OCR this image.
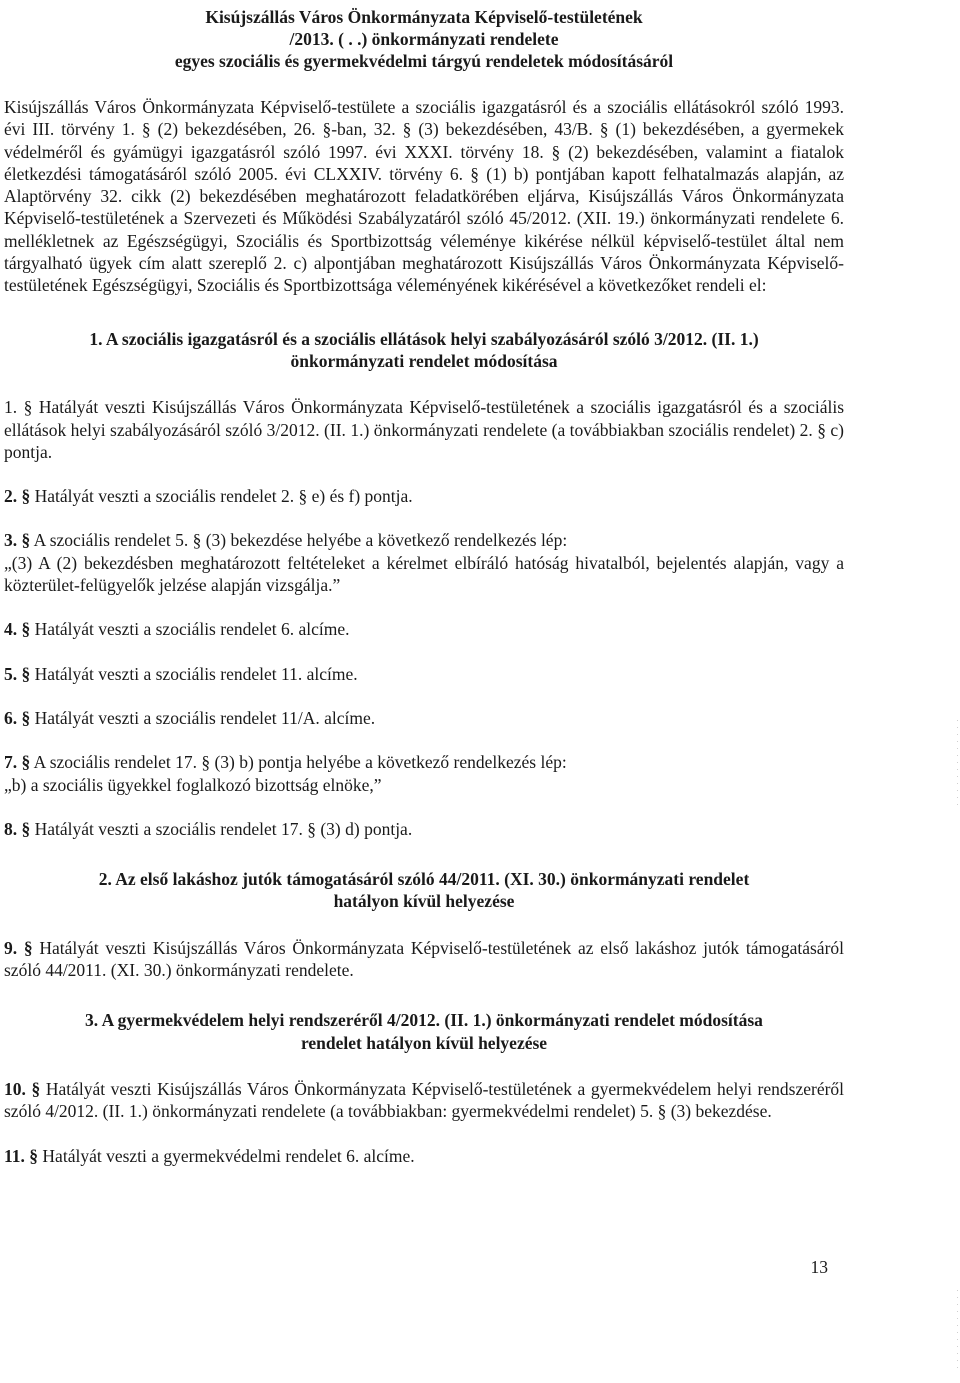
Kisújszállás Város Önkormányzata Képviselő-testületének
/2013. ( . .) önkormányzati rendelete
egyes szociális és gyermekvédelmi tárgyú rendeletek módosításáról

Kisújszállás Város Önkormányzata Képviselő-testülete a szociális igazgatásról és a szociális ellátásokról szóló 1993. évi III. törvény 1. § (2) bekezdésében, 26. §-ban, 32. § (3) bekezdésében, 43/B. § (1) bekezdésében, a gyermekek védelméről és gyámügyi igazgatásról szóló 1997. évi XXXI. törvény 18. § (2) bekezdésében, valamint a fiatalok életkezdési támogatásáról szóló 2005. évi CLXXIV. törvény 6. § (1) b) pontjában kapott felhatalmazás alapján, az Alaptörvény 32. cikk (2) bekezdésében meghatározott feladatkörében eljárva, Kisújszállás Város Önkormányzata Képviselő-testületének a Szervezeti és Működési Szabályzatáról szóló 45/2012. (XII. 19.) önkormányzati rendelete 6. mellékletnek az Egészségügyi, Szociális és Sportbizottság véleménye kikérése nélkül képviselő-testület által nem tárgyalható ügyek cím alatt szereplő 2. c) alpontjában meghatározott Kisújszállás Város Önkormányzata Képviselő-testületének Egészségügyi, Szociális és Sportbizottsága véleményének kikérésével a következőket rendeli el:

1. A szociális igazgatásról és a szociális ellátások helyi szabályozásáról szóló 3/2012. (II. 1.)
önkormányzati rendelet módosítása

1. § Hatályát veszti Kisújszállás Város Önkormányzata Képviselő-testületének a szociális igazgatásról és a szociális ellátások helyi szabályozásáról szóló 3/2012. (II. 1.) önkormányzati rendelete (a továbbiakban szociális rendelet) 2. § c) pontja.

2. § Hatályát veszti a szociális rendelet 2. § e) és f) pontja.

3. § A szociális rendelet 5. § (3) bekezdése helyébe a következő rendelkezés lép:

„(3) A (2) bekezdésben meghatározott feltételeket a kérelmet elbíráló hatóság hivatalból, bejelentés alapján, vagy a közterület-felügyelők jelzése alapján vizsgálja.”

4. § Hatályát veszti a szociális rendelet 6. alcíme.

5. § Hatályát veszti a szociális rendelet 11. alcíme.

6. § Hatályát veszti a szociális rendelet 11/A. alcíme.

7. § A szociális rendelet 17. § (3) b) pontja helyébe a következő rendelkezés lép:

„b) a szociális ügyekkel foglalkozó bizottság elnöke,”

8. § Hatályát veszti a szociális rendelet 17. § (3) d) pontja.

2. Az első lakáshoz jutók támogatásáról szóló 44/2011. (XI. 30.) önkormányzati rendelet
hatályon kívül helyezése

9. § Hatályát veszti Kisújszállás Város Önkormányzata Képviselő-testületének az első lakáshoz jutók támogatásáról szóló 44/2011. (XI. 30.) önkormányzati rendelete.

3. A gyermekvédelem helyi rendszeréről 4/2012. (II. 1.) önkormányzati rendelet módosítása
rendelet hatályon kívül helyezése

10. § Hatályát veszti Kisújszállás Város Önkormányzata Képviselő-testületének a gyermekvédelem helyi rendszeréről szóló 4/2012. (II. 1.) önkormányzati rendelete (a továbbiakban: gyermekvédelmi rendelet) 5. § (3) bekezdése.

11. § Hatályát veszti a gyermekvédelmi rendelet 6. alcíme.

13
